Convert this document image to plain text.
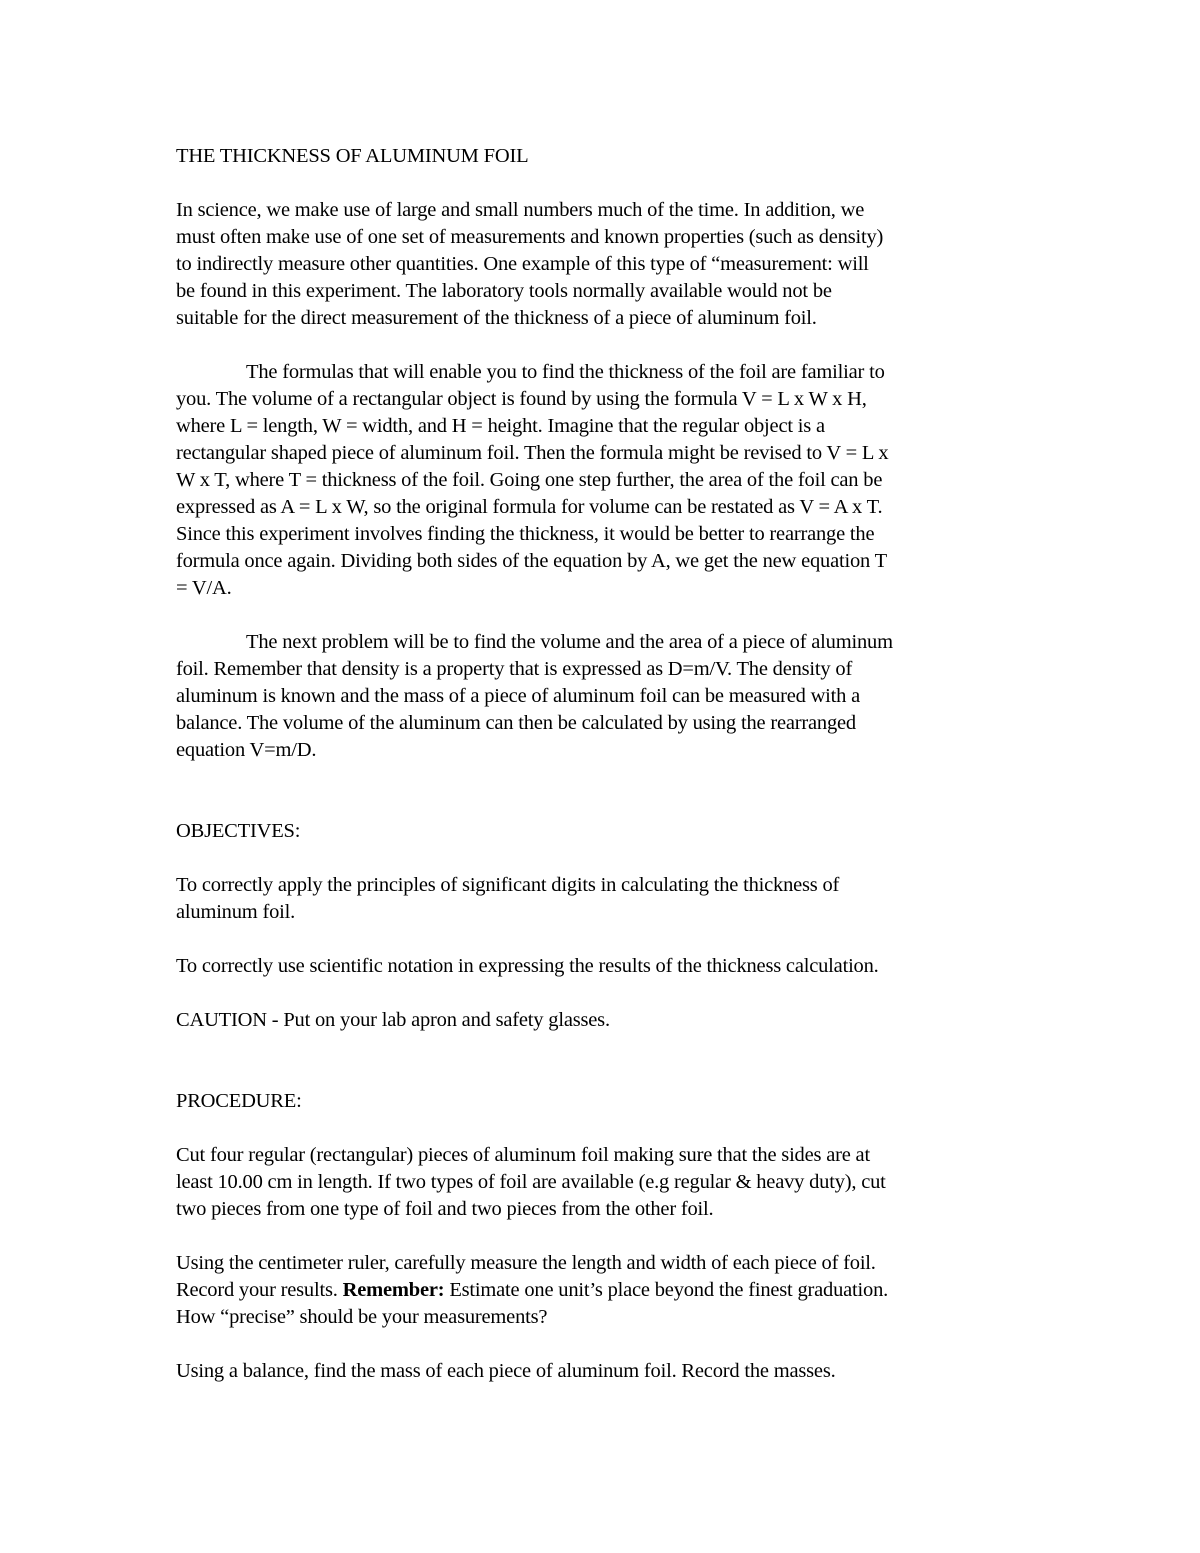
THE THICKNESS OF ALUMINUM FOIL
In science, we make use of large and small numbers much of the time. In addition, we
must often make use of one set of measurements and known properties (such as density)
to indirectly measure other quantities. One example of this type of “measurement: will
be found in this experiment. The laboratory tools normally available would not be
suitable for the direct measurement of the thickness of a piece of aluminum foil.
The formulas that will enable you to find the thickness of the foil are familiar to
you. The volume of a rectangular object is found by using the formula V = L x W x H,
where L = length, W = width, and H = height. Imagine that the regular object is a
rectangular shaped piece of aluminum foil. Then the formula might be revised to V = L x
W x T, where T = thickness of the foil. Going one step further, the area of the foil can be
expressed as A = L x W, so the original formula for volume can be restated as V = A x T.
Since this experiment involves finding the thickness, it would be better to rearrange the
formula once again. Dividing both sides of the equation by A, we get the new equation T
= V/A.
The next problem will be to find the volume and the area of a piece of aluminum
foil. Remember that density is a property that is expressed as D=m/V. The density of
aluminum is known and the mass of a piece of aluminum foil can be measured with a
balance. The volume of the aluminum can then be calculated by using the rearranged
equation V=m/D.
OBJECTIVES:
To correctly apply the principles of significant digits in calculating the thickness of
aluminum foil.
To correctly use scientific notation in expressing the results of the thickness calculation.
CAUTION - Put on your lab apron and safety glasses.
PROCEDURE:
Cut four regular (rectangular) pieces of aluminum foil making sure that the sides are at
least 10.00 cm in length. If two types of foil are available (e.g regular & heavy duty), cut
two pieces from one type of foil and two pieces from the other foil.
Using the centimeter ruler, carefully measure the length and width of each piece of foil.
Record your results. Remember: Estimate one unit’s place beyond the finest graduation.
How “precise” should be your measurements?
Using a balance, find the mass of each piece of aluminum foil. Record the masses.
